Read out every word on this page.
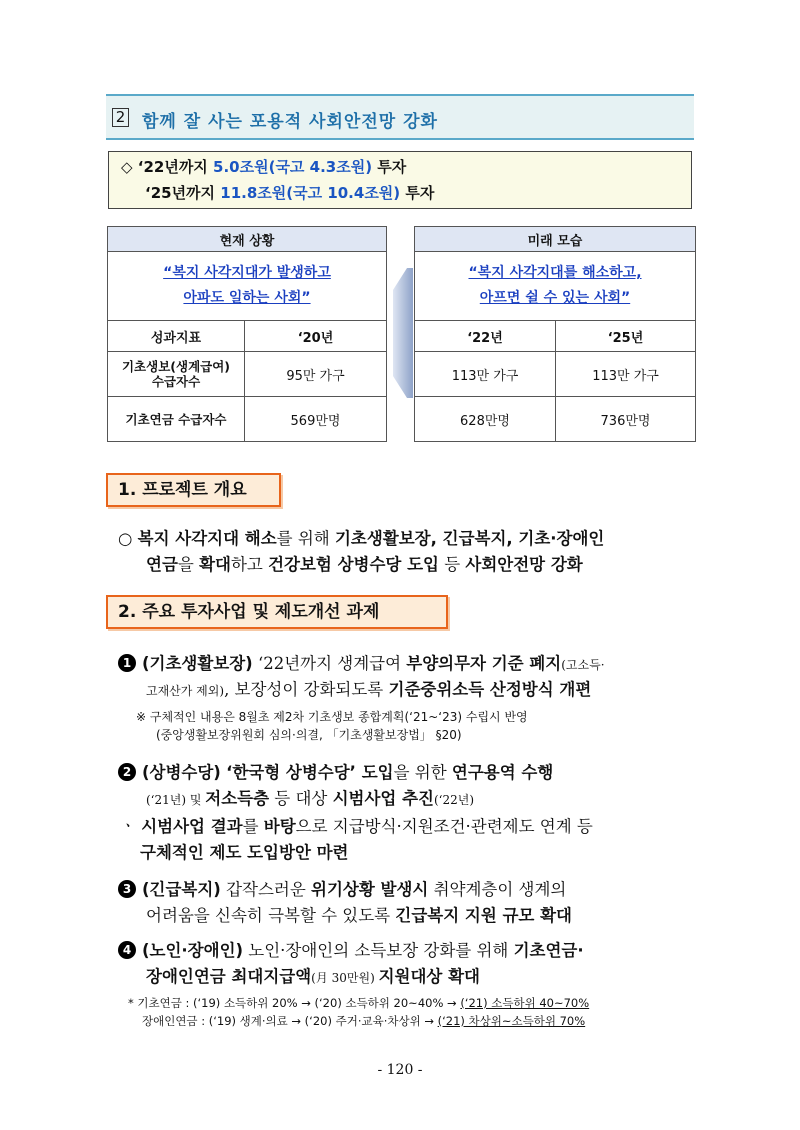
2 함께 잘 사는 포용적 사회안전망 강화
◇ ‘22년까지 5.0조원(국고 4.3조원) 투자
‘25년까지 11.8조원(국고 10.4조원) 투자
현재 상황	
“복지 사각지대가 발생하고
아파도 일하는 사회”	
성과지표	‘20년
기초생보(생계급여)
수급자수	95만 가구
기초연금 수급자수	569만명
미래 모습	
“복지 사각지대를 해소하고,
아프면 쉴 수 있는 사회”	
‘22년	‘25년
113만 가구	113만 가구
628만명	736만명
1. 프로젝트 개요
○ 복지 사각지대 해소를 위해 기초생활보장, 긴급복지, 기초·장애인
연금을 확대하고 건강보험 상병수당 도입 등 사회안전망 강화
2. 주요 투자사업 및 제도개선 과제
1 (기초생활보장) ‘22년까지 생계급여 부양의무자 기준 폐지(고소득·
고재산가 제외), 보장성이 강화되도록 기준중위소득 산정방식 개편
※ 구체적인 내용은 8월초 제2차 기초생보 종합계획(‘21~‘23) 수립시 반영
(중앙생활보장위원회 심의·의결, 「기초생활보장법」 §20)
2 (상병수당) ‘한국형 상병수당’ 도입을 위한 연구용역 수행
(‘21년) 및 저소득층 등 대상 시범사업 추진(‘22년)
ㆍ 시범사업 결과를 바탕으로 지급방식·지원조건·관련제도 연계 등
구체적인 제도 도입방안 마련
3 (긴급복지) 갑작스러운 위기상황 발생시 취약계층이 생계의
어려움을 신속히 극복할 수 있도록 긴급복지 지원 규모 확대
4 (노인·장애인) 노인·장애인의 소득보장 강화를 위해 기초연금·
장애인연금 최대지급액(月 30만원) 지원대상 확대
* 기초연금 : (‘19) 소득하위 20% → (‘20) 소득하위 20~40% → (‘21) 소득하위 40~70%
장애인연금 : (‘19) 생계·의료 → (‘20) 주거·교육·차상위 → (‘21) 차상위~소득하위 70%
- 120 -
